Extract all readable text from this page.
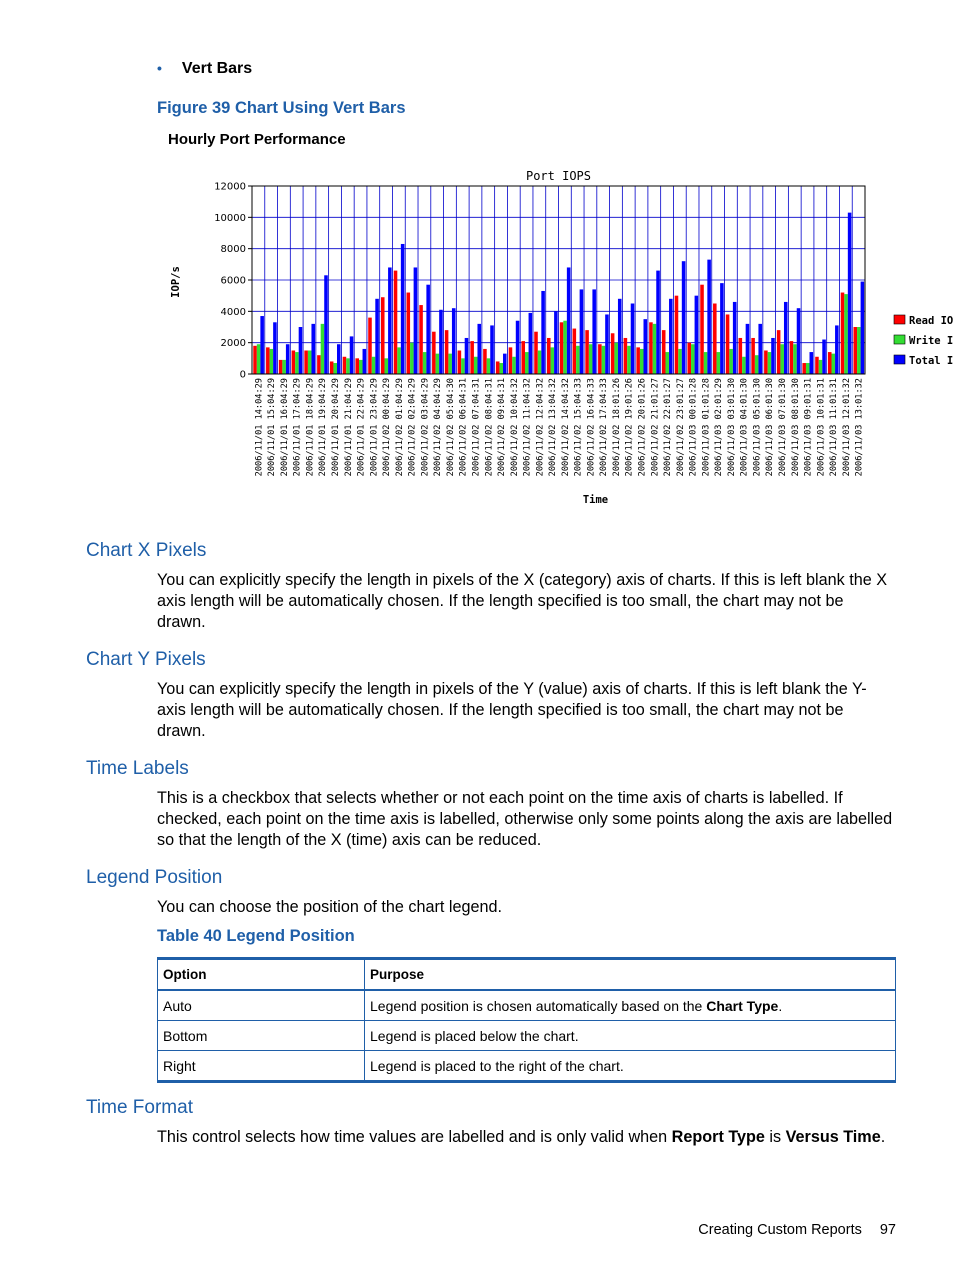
• Vert Bars
Figure 39 Chart Using Vert Bars
Hourly Port Performance
0
2000
4000
6000
8000
10000
12000
2006/11/01 14:04:29 2006/11/01 15:04:29 2006/11/01 16:04:29 2006/11/01 17:04:29 2006/11/01 18:04:29 2006/11/01 19:04:29 2006/11/01 20:04:29 2006/11/01 21:04:29 2006/11/01 22:04:29 2006/11/01 23:04:29 2006/11/02 00:04:29 2006/11/02 01:04:29 2006/11/02 02:04:29 2006/11/02 03:04:29 2006/11/02 04:04:29 2006/11/02 05:04:30 2006/11/02 06:04:31 2006/11/02 07:04:31 2006/11/02 08:04:31 2006/11/02 09:04:31 2006/11/02 10:04:32 2006/11/02 11:04:32 2006/11/02 12:04:32 2006/11/02 13:04:32 2006/11/02 14:04:32 2006/11/02 15:04:33 2006/11/02 16:04:33 2006/11/02 17:04:33 2006/11/02 18:01:26 2006/11/02 19:01:26 2006/11/02 20:01:26 2006/11/02 21:01:27 2006/11/02 22:01:27 2006/11/02 23:01:27 2006/11/03 00:01:28 2006/11/03 01:01:28 2006/11/03 02:01:29 2006/11/03 03:01:30 2006/11/03 04:01:30 2006/11/03 05:01:30 2006/11/03 06:01:30 2006/11/03 07:01:30 2006/11/03 08:01:30 2006/11/03 09:01:31 2006/11/03 10:01:31 2006/11/03 11:01:31 2006/11/03 12:01:32 2006/11/03 13:01:32
Port IOPS
Time
IOP/s
Read IO
Write I
Total I
Chart X Pixels
You can explicitly specify the length in pixels of the X (category) axis of charts. If this is left blank the X axis length will be automatically chosen. If the length specified is too small, the chart may not be drawn.
Chart Y Pixels
You can explicitly specify the length in pixels of the Y (value) axis of charts. If this is left blank the Y-axis length will be automatically chosen. If the length specified is too small, the chart may not be drawn.
Time Labels
This is a checkbox that selects whether or not each point on the time axis of charts is labelled. If checked, each point on the time axis is labelled, otherwise only some points along the axis are labelled so that the length of the X (time) axis can be reduced.
Legend Position
You can choose the position of the chart legend.
Table 40 Legend Position
Option	Purpose
Auto	Legend position is chosen automatically based on the Chart Type.
Bottom	Legend is placed below the chart.
Right	Legend is placed to the right of the chart.
Time Format
This control selects how time values are labelled and is only valid when Report Type is Versus Time.
Creating Custom Reports 97
